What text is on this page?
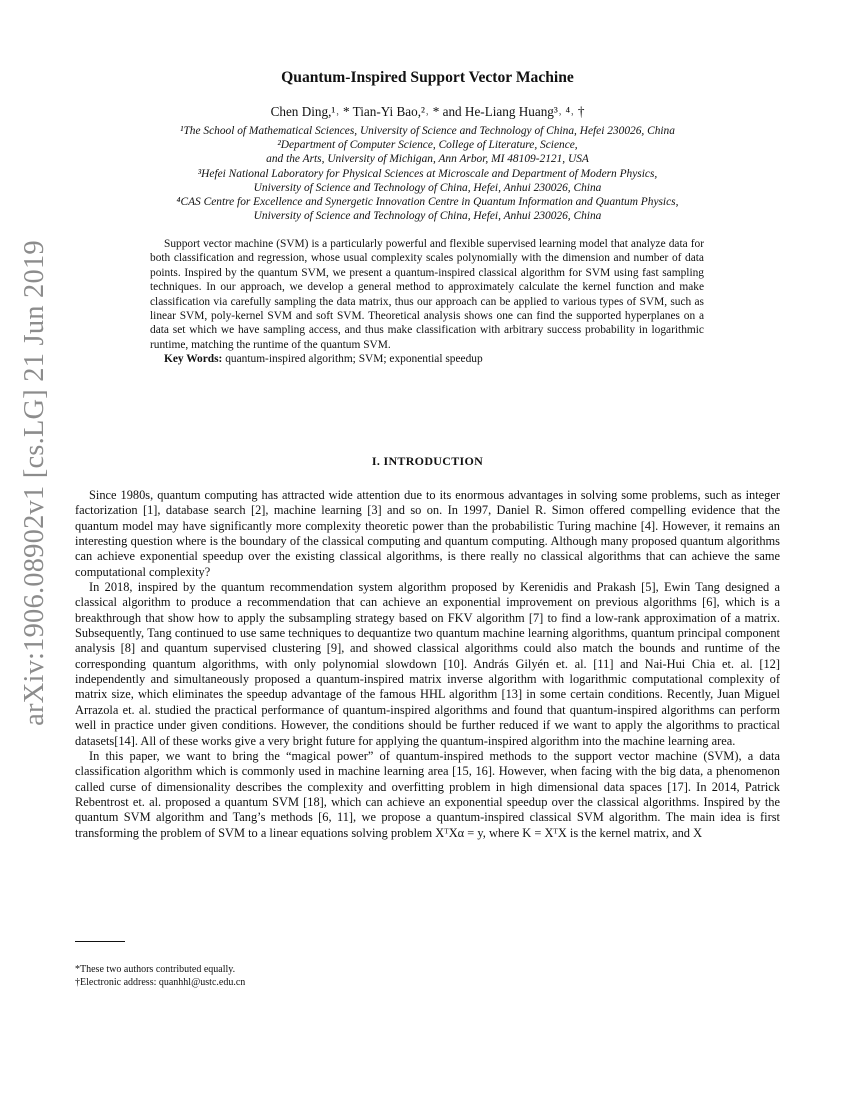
arXiv:1906.08902v1 [cs.LG] 21 Jun 2019
Quantum-Inspired Support Vector Machine
Chen Ding,¹˒ * Tian-Yi Bao,²˒ * and He-Liang Huang³˒ ⁴˒ †
¹The School of Mathematical Sciences, University of Science and Technology of China, Hefei 230026, China
²Department of Computer Science, College of Literature, Science,
and the Arts, University of Michigan, Ann Arbor, MI 48109-2121, USA
³Hefei National Laboratory for Physical Sciences at Microscale and Department of Modern Physics,
University of Science and Technology of China, Hefei, Anhui 230026, China
⁴CAS Centre for Excellence and Synergetic Innovation Centre in Quantum Information and Quantum Physics,
University of Science and Technology of China, Hefei, Anhui 230026, China

Support vector machine (SVM) is a particularly powerful and flexible supervised learning model that analyze data for both classification and regression, whose usual complexity scales polynomially with the dimension and number of data points. Inspired by the quantum SVM, we present a quantum-inspired classical algorithm for SVM using fast sampling techniques. In our approach, we develop a general method to approximately calculate the kernel function and make classification via carefully sampling the data matrix, thus our approach can be applied to various types of SVM, such as linear SVM, poly-kernel SVM and soft SVM. Theoretical analysis shows one can find the supported hyperplanes on a data set which we have sampling access, and thus make classification with arbitrary success probability in logarithmic runtime, matching the runtime of the quantum SVM.

Key Words: quantum-inspired algorithm; SVM; exponential speedup

I. INTRODUCTION

Since 1980s, quantum computing has attracted wide attention due to its enormous advantages in solving some problems, such as integer factorization [1], database search [2], machine learning [3] and so on. In 1997, Daniel R. Simon offered compelling evidence that the quantum model may have significantly more complexity theoretic power than the probabilistic Turing machine [4]. However, it remains an interesting question where is the boundary of the classical computing and quantum computing. Although many proposed quantum algorithms can achieve exponential speedup over the existing classical algorithms, is there really no classical algorithms that can achieve the same computational complexity?

In 2018, inspired by the quantum recommendation system algorithm proposed by Kerenidis and Prakash [5], Ewin Tang designed a classical algorithm to produce a recommendation that can achieve an exponential improvement on previous algorithms [6], which is a breakthrough that show how to apply the subsampling strategy based on FKV algorithm [7] to find a low-rank approximation of a matrix. Subsequently, Tang continued to use same techniques to dequantize two quantum machine learning algorithms, quantum principal component analysis [8] and quantum supervised clustering [9], and showed classical algorithms could also match the bounds and runtime of the corresponding quantum algorithms, with only polynomial slowdown [10]. András Gilyén et. al. [11] and Nai-Hui Chia et. al. [12] independently and simultaneously proposed a quantum-inspired matrix inverse algorithm with logarithmic computational complexity of matrix size, which eliminates the speedup advantage of the famous HHL algorithm [13] in some certain conditions. Recently, Juan Miguel Arrazola et. al. studied the practical performance of quantum-inspired algorithms and found that quantum-inspired algorithms can perform well in practice under given conditions. However, the conditions should be further reduced if we want to apply the algorithms to practical datasets[14]. All of these works give a very bright future for applying the quantum-inspired algorithm into the machine learning area.

In this paper, we want to bring the “magical power” of quantum-inspired methods to the support vector machine (SVM), a data classification algorithm which is commonly used in machine learning area [15, 16]. However, when facing with the big data, a phenomenon called curse of dimensionality describes the complexity and overfitting problem in high dimensional data spaces [17]. In 2014, Patrick Rebentrost et. al. proposed a quantum SVM [18], which can achieve an exponential speedup over the classical algorithms. Inspired by the quantum SVM algorithm and Tang’s methods [6, 11], we propose a quantum-inspired classical SVM algorithm. The main idea is first transforming the problem of SVM to a linear equations solving problem XᵀXα = y, where K = XᵀX is the kernel matrix, and X

*These two authors contributed equally.
†Electronic address: quanhhl@ustc.edu.cn
